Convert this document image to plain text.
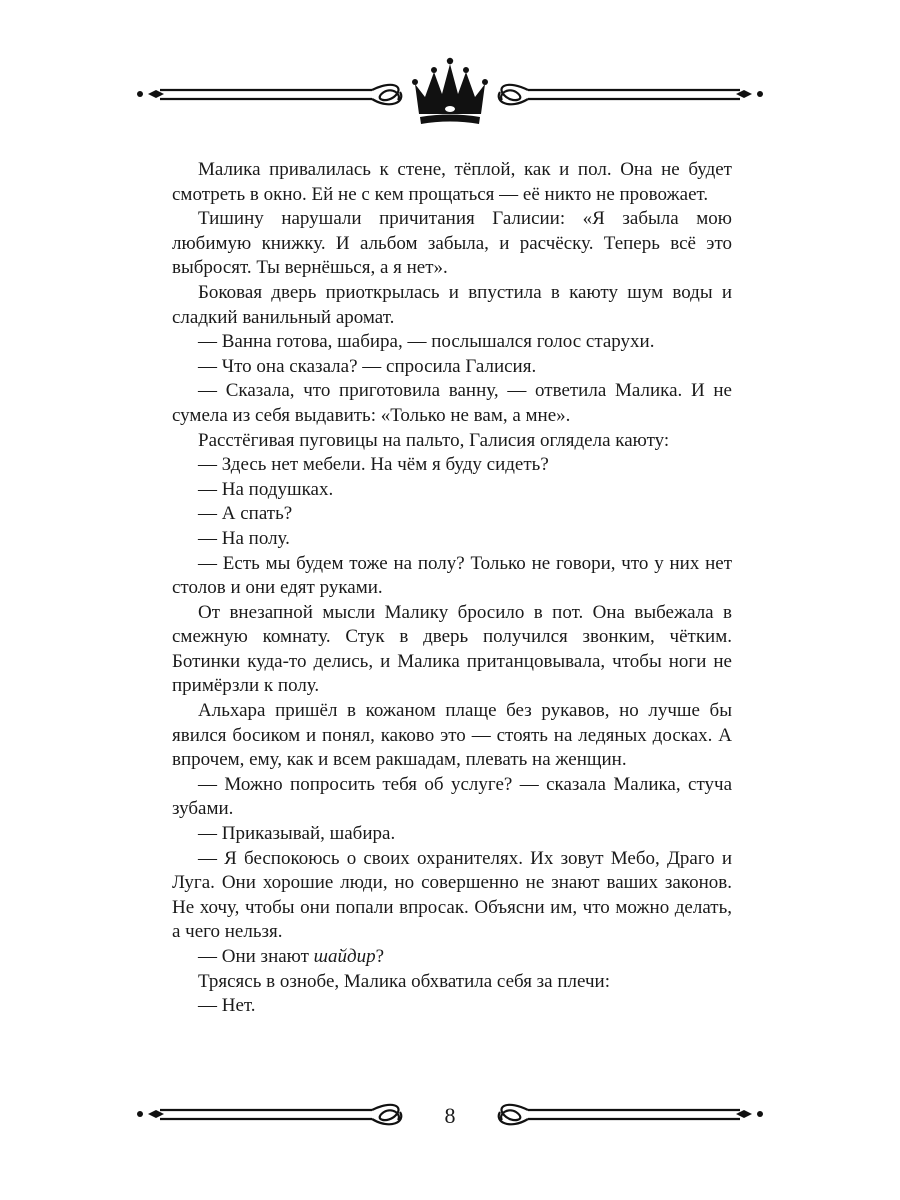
Малика привалилась к стене, тёплой, как и пол. Она не будет смотреть в окно. Ей не с кем прощаться — её никто не провожает.

Тишину нарушали причитания Галисии: «Я забыла мою любимую книжку. И альбом забыла, и расчёску. Теперь всё это выбросят. Ты вернёшься, а я нет».

Боковая дверь приоткрылась и впустила в каюту шум воды и сладкий ванильный аромат.

— Ванна готова, шабира, — послышался голос старухи.

— Что она сказала? — спросила Галисия.

— Сказала, что приготовила ванну, — ответила Малика. И не сумела из себя выдавить: «Только не вам, а мне».

Расстёгивая пуговицы на пальто, Галисия оглядела каюту:

— Здесь нет мебели. На чём я буду сидеть?

— На подушках.

— А спать?

— На полу.

— Есть мы будем тоже на полу? Только не говори, что у них нет столов и они едят руками.

От внезапной мысли Малику бросило в пот. Она выбежала в смежную комнату. Стук в дверь получился звонким, чётким. Ботинки куда-то делись, и Малика пританцовывала, чтобы ноги не примёрзли к полу.

Альхара пришёл в кожаном плаще без рукавов, но лучше бы явился босиком и понял, каково это — стоять на ледяных досках. А впрочем, ему, как и всем ракшадам, плевать на женщин.

— Можно попросить тебя об услуге? — сказала Малика, стуча зубами.

— Приказывай, шабира.

— Я беспокоюсь о своих охранителях. Их зовут Мебо, Драго и Луга. Они хорошие люди, но совершенно не знают ваших законов. Не хочу, чтобы они попали впросак. Объясни им, что можно делать, а чего нельзя.

— Они знают шайдир?

Трясясь в ознобе, Малика обхватила себя за плечи:

— Нет.

8
